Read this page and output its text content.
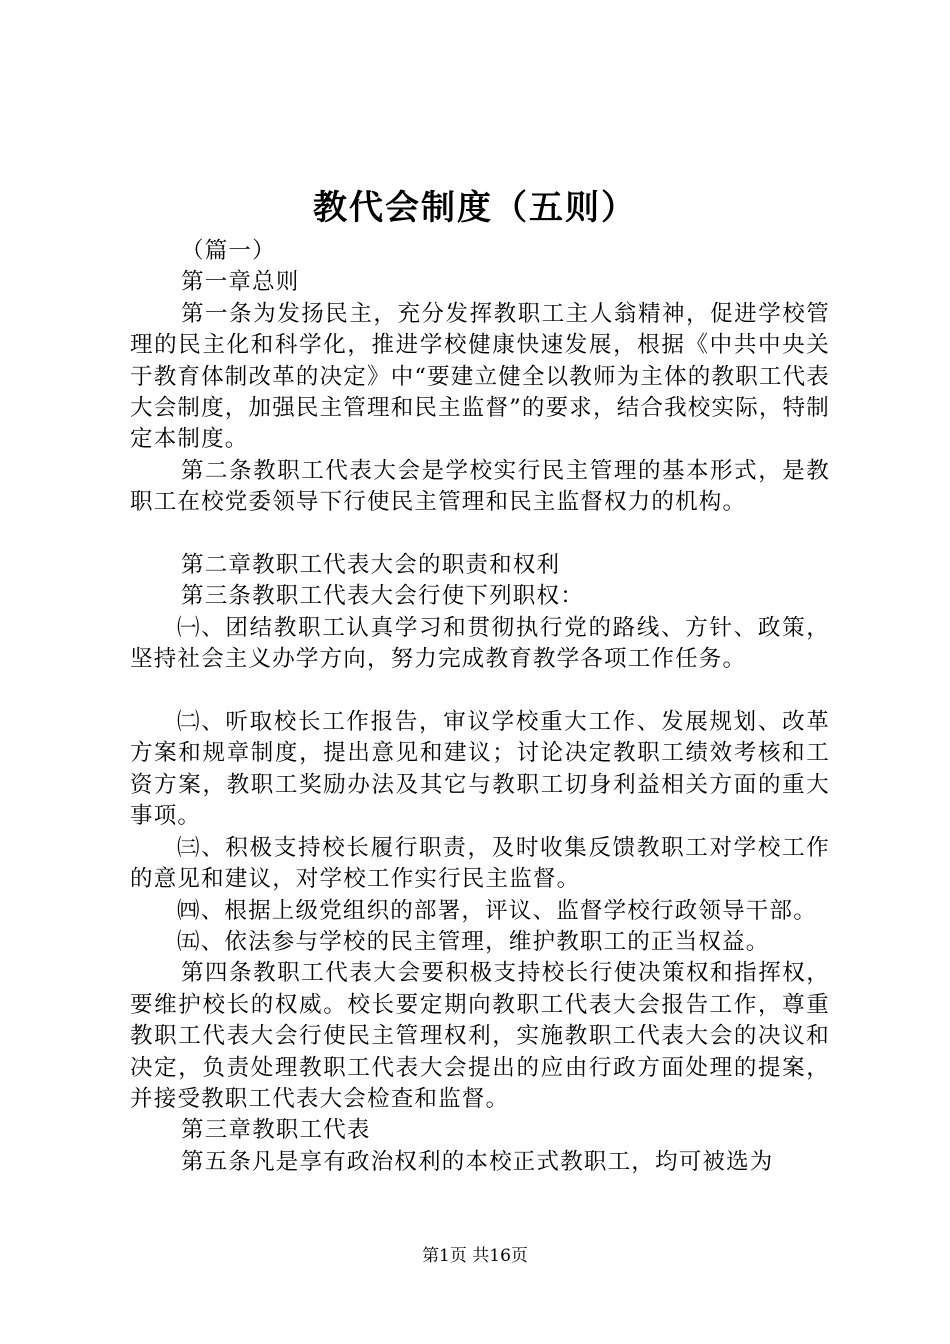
教代会制度（五则）

（篇一）

第一章总则

第一条为发扬民主，充分发挥教职工主人翁精神，促进学校管理的民主化和科学化，推进学校健康快速发展，根据《中共中央关于教育体制改革的决定》中“要建立健全以教师为主体的教职工代表大会制度，加强民主管理和民主监督”的要求，结合我校实际，特制定本制度。

第二条教职工代表大会是学校实行民主管理的基本形式，是教职工在校党委领导下行使民主管理和民主监督权力的机构。

第二章教职工代表大会的职责和权利

第三条教职工代表大会行使下列职权：

㈠、团结教职工认真学习和贯彻执行党的路线、方针、政策，坚持社会主义办学方向，努力完成教育教学各项工作任务。

㈡、听取校长工作报告，审议学校重大工作、发展规划、改革方案和规章制度，提出意见和建议；讨论决定教职工绩效考核和工资方案，教职工奖励办法及其它与教职工切身利益相关方面的重大事项。

㈢、积极支持校长履行职责，及时收集反馈教职工对学校工作的意见和建议，对学校工作实行民主监督。

㈣、根据上级党组织的部署，评议、监督学校行政领导干部。

㈤、依法参与学校的民主管理，维护教职工的正当权益。

第四条教职工代表大会要积极支持校长行使决策权和指挥权，要维护校长的权威。校长要定期向教职工代表大会报告工作，尊重教职工代表大会行使民主管理权利，实施教职工代表大会的决议和决定，负责处理教职工代表大会提出的应由行政方面处理的提案，并接受教职工代表大会检查和监督。

第三章教职工代表

第五条凡是享有政治权利的本校正式教职工，均可被选为

第1页 共16页
